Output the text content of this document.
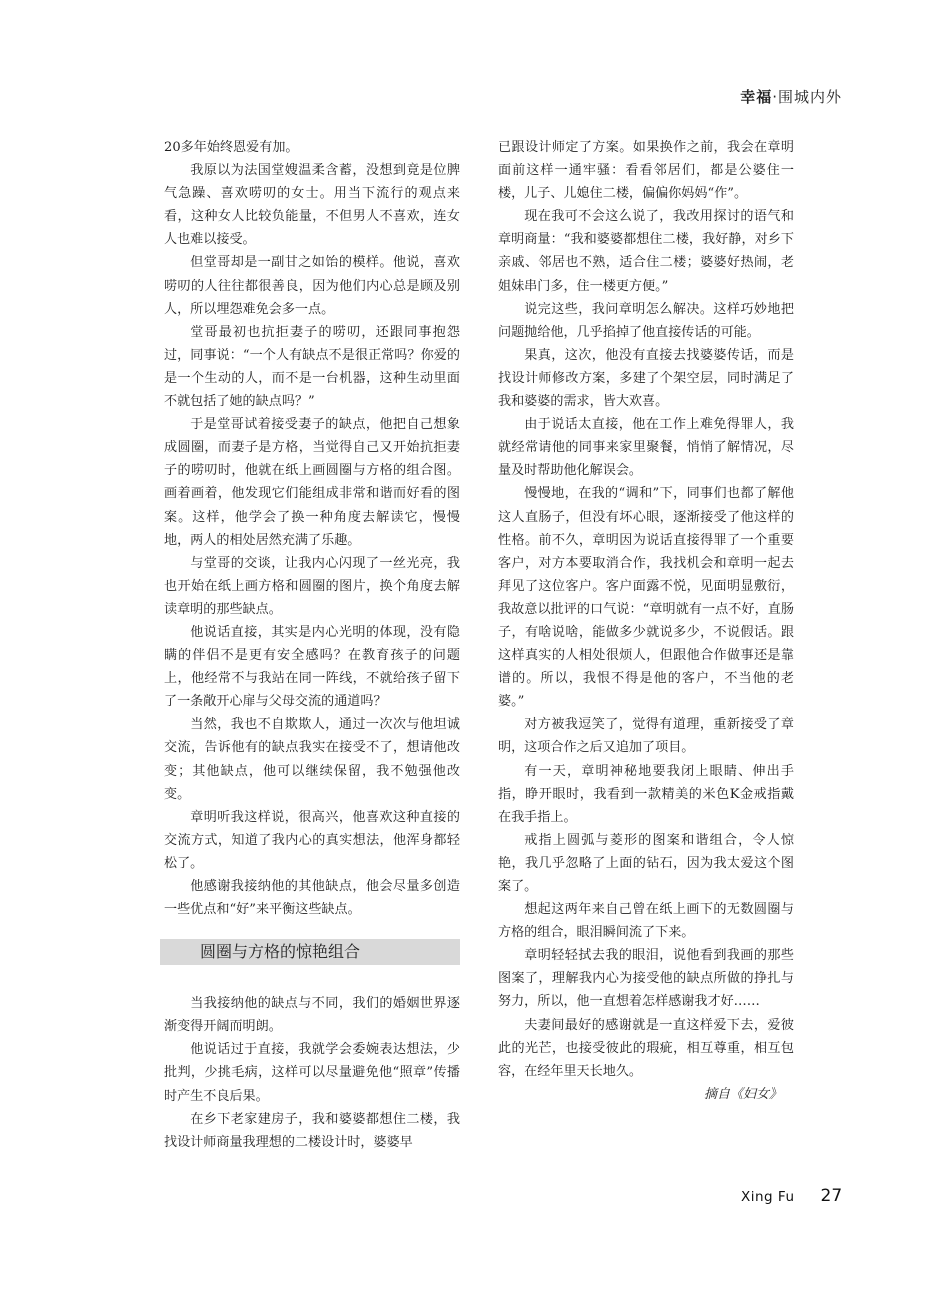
幸福·围城内外

20多年始终恩爱有加。

我原以为法国堂嫂温柔含蓄，没想到竟是位脾气急躁、喜欢唠叨的女士。用当下流行的观点来看，这种女人比较负能量，不但男人不喜欢，连女人也难以接受。

但堂哥却是一副甘之如饴的模样。他说，喜欢唠叨的人往往都很善良，因为他们内心总是顾及别人，所以埋怨难免会多一点。

堂哥最初也抗拒妻子的唠叨，还跟同事抱怨过，同事说：“一个人有缺点不是很正常吗？你爱的是一个生动的人，而不是一台机器，这种生动里面不就包括了她的缺点吗？”

于是堂哥试着接受妻子的缺点，他把自己想象成圆圈，而妻子是方格，当觉得自己又开始抗拒妻子的唠叨时，他就在纸上画圆圈与方格的组合图。画着画着，他发现它们能组成非常和谐而好看的图案。这样，他学会了换一种角度去解读它，慢慢地，两人的相处居然充满了乐趣。

与堂哥的交谈，让我内心闪现了一丝光亮，我也开始在纸上画方格和圆圈的图片，换个角度去解读章明的那些缺点。

他说话直接，其实是内心光明的体现，没有隐瞒的伴侣不是更有安全感吗？在教育孩子的问题上，他经常不与我站在同一阵线，不就给孩子留下了一条敞开心扉与父母交流的通道吗？

当然，我也不自欺欺人，通过一次次与他坦诚交流，告诉他有的缺点我实在接受不了，想请他改变；其他缺点，他可以继续保留，我不勉强他改变。

章明听我这样说，很高兴，他喜欢这种直接的交流方式，知道了我内心的真实想法，他浑身都轻松了。

他感谢我接纳他的其他缺点，他会尽量多创造一些优点和“好”来平衡这些缺点。

圆圈与方格的惊艳组合

当我接纳他的缺点与不同，我们的婚姻世界逐渐变得开阔而明朗。

他说话过于直接，我就学会委婉表达想法，少批判，少挑毛病，这样可以尽量避免他“照章”传播时产生不良后果。

在乡下老家建房子，我和婆婆都想住二楼，我找设计师商量我理想的二楼设计时，婆婆早

已跟设计师定了方案。如果换作之前，我会在章明面前这样一通牢骚：看看邻居们，都是公婆住一楼，儿子、儿媳住二楼，偏偏你妈妈“作”。

现在我可不会这么说了，我改用探讨的语气和章明商量：“我和婆婆都想住二楼，我好静，对乡下亲戚、邻居也不熟，适合住二楼；婆婆好热闹，老姐妹串门多，住一楼更方便。”

说完这些，我问章明怎么解决。这样巧妙地把问题抛给他，几乎掐掉了他直接传话的可能。

果真，这次，他没有直接去找婆婆传话，而是找设计师修改方案，多建了个架空层，同时满足了我和婆婆的需求，皆大欢喜。

由于说话太直接，他在工作上难免得罪人，我就经常请他的同事来家里聚餐，悄悄了解情况，尽量及时帮助他化解误会。

慢慢地，在我的“调和”下，同事们也都了解他这人直肠子，但没有坏心眼，逐渐接受了他这样的性格。前不久，章明因为说话直接得罪了一个重要客户，对方本要取消合作，我找机会和章明一起去拜见了这位客户。客户面露不悦，见面明显敷衍，我故意以批评的口气说：“章明就有一点不好，直肠子，有啥说啥，能做多少就说多少，不说假话。跟这样真实的人相处很烦人，但跟他合作做事还是靠谱的。所以，我恨不得是他的客户，不当他的老婆。”

对方被我逗笑了，觉得有道理，重新接受了章明，这项合作之后又追加了项目。

有一天，章明神秘地要我闭上眼睛、伸出手指，睁开眼时，我看到一款精美的米色K金戒指戴在我手指上。

戒指上圆弧与菱形的图案和谐组合，令人惊艳，我几乎忽略了上面的钻石，因为我太爱这个图案了。

想起这两年来自己曾在纸上画下的无数圆圈与方格的组合，眼泪瞬间流了下来。

章明轻轻拭去我的眼泪，说他看到我画的那些图案了，理解我内心为接受他的缺点所做的挣扎与努力，所以，他一直想着怎样感谢我才好……

夫妻间最好的感谢就是一直这样爱下去，爱彼此的光芒，也接受彼此的瑕疵，相互尊重，相互包容，在经年里天长地久。

摘自《妇女》
Xing Fu 27
